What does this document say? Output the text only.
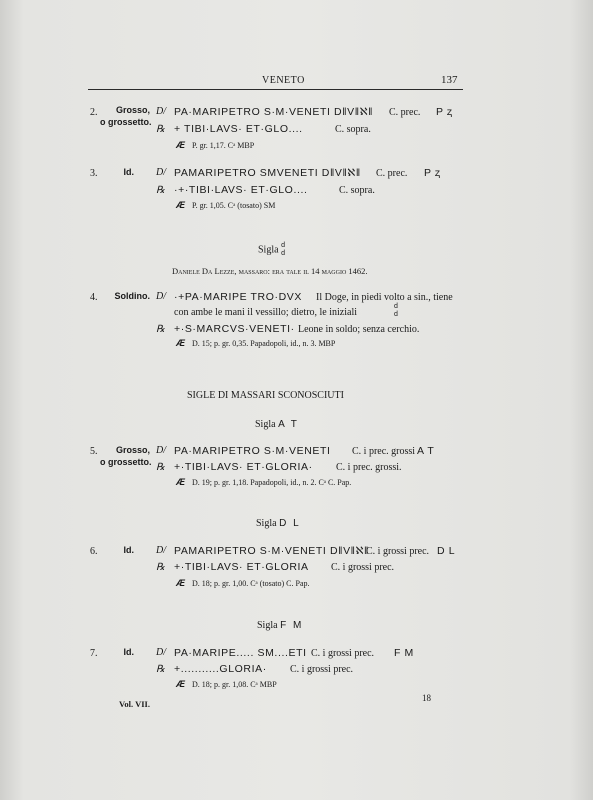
VENETO	137
2.	Grosso,
o grossetto.
D/ PA·MARIPETRO S·M·VENETI D‖V‖ℵ‖ C. prec. P ⱬ
℞ + TIBI·LAVS· ET·GLO....	C. sopra.
Æ P. gr. 1,17. Cᵃ MBP
3.	Id. D/ PAMARIPETRO SMVENETI D‖V‖ℵ‖ C. prec. P ⱬ
℞ ·+·TIBI·LAVS· ET·GLO....	C. sopra.
Æ P. gr. 1,05. Cᵃ (tosato) SM
Sigla d
d
Daniele Da Lezze, massaro: era tale il 14 maggio 1462.
4.	Soldino. D/ ·+PA·MARIPE TRO·DVX Il Doge, in piedi volto a sin., tiene
con ambe le mani il vessillo; dietro, le iniziali
d
d
℞ +·S·MARCVS·VENETI· Leone in soldo; senza cerchio.
Æ D. 15; p. gr. 0,35. Papadopoli, id., n. 3. MBP
SIGLE DI MASSARI SCONOSCIUTI
Sigla A T
5.	Grosso,
o grossetto.
D/ PA·MARIPETRO S·M·VENETI C. i prec. grossi A T
℞ +·TIBI·LAVS· ET·GLORIA· C. i prec. grossi.
Æ D. 19; p. gr. 1,18. Papadopoli, id., n. 2. Cᵃ C. Pap.
Sigla D L
6.	Id. D/ PAMARIPETRO S·M·VENETI D‖V‖ℵ‖
C. i grossi prec. D L
℞ +·TIBI·LAVS· ET·GLORIA C. i grossi prec.
Æ D. 18; p. gr. 1,00. Cᵃ (tosato) C. Pap.
Sigla F M
7.	Id. D/ PA·MARIPE..... SM....ETI C. i grossi prec. F M
℞ +...........GLORIA· C. i grossi prec.
Æ D. 18; p. gr. 1,08. Cᵃ MBP
Vol. VII.
18
